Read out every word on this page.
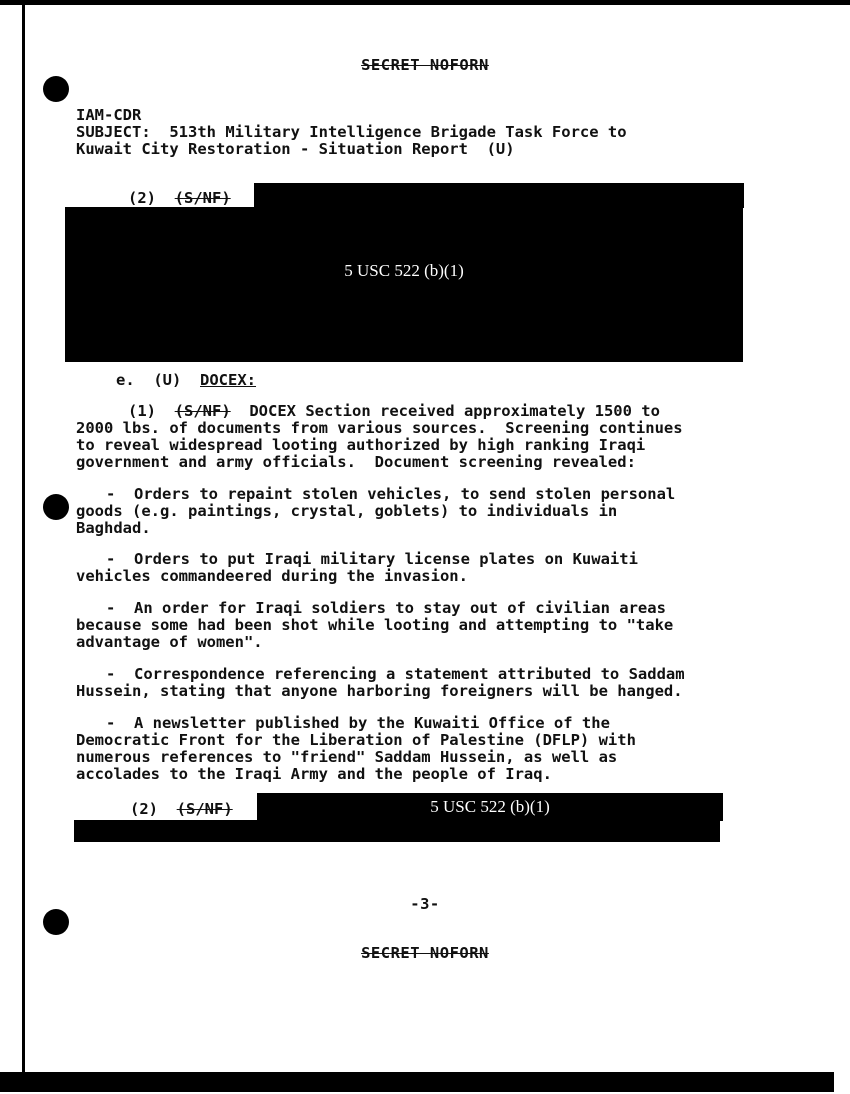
SECRET NOFORN
IAM-CDR
SUBJECT: 513th Military Intelligence Brigade Task Force to
Kuwait City Restoration - Situation Report  (U)
(2) (S/NF)
5 USC 522 (b)(1)
e. (U) DOCEX:
(1) (S/NF) DOCEX Section received approximately 1500 to
2000 lbs. of documents from various sources.  Screening continues
to reveal widespread looting authorized by high ranking Iraqi
government and army officials.  Document screening revealed:
-  Orders to repaint stolen vehicles, to send stolen personal
goods (e.g. paintings, crystal, goblets) to individuals in
Baghdad.
-  Orders to put Iraqi military license plates on Kuwaiti
vehicles commandeered during the invasion.
-  An order for Iraqi soldiers to stay out of civilian areas
because some had been shot while looting and attempting to "take
advantage of women".
-  Correspondence referencing a statement attributed to Saddam
Hussein, stating that anyone harboring foreigners will be hanged.
-  A newsletter published by the Kuwaiti Office of the
Democratic Front for the Liberation of Palestine (DFLP) with
numerous references to "friend" Saddam Hussein, as well as
accolades to the Iraqi Army and the people of Iraq.
(2) (S/NF)	5 USC 522 (b)(1)
-3-
SECRET NOFORN
